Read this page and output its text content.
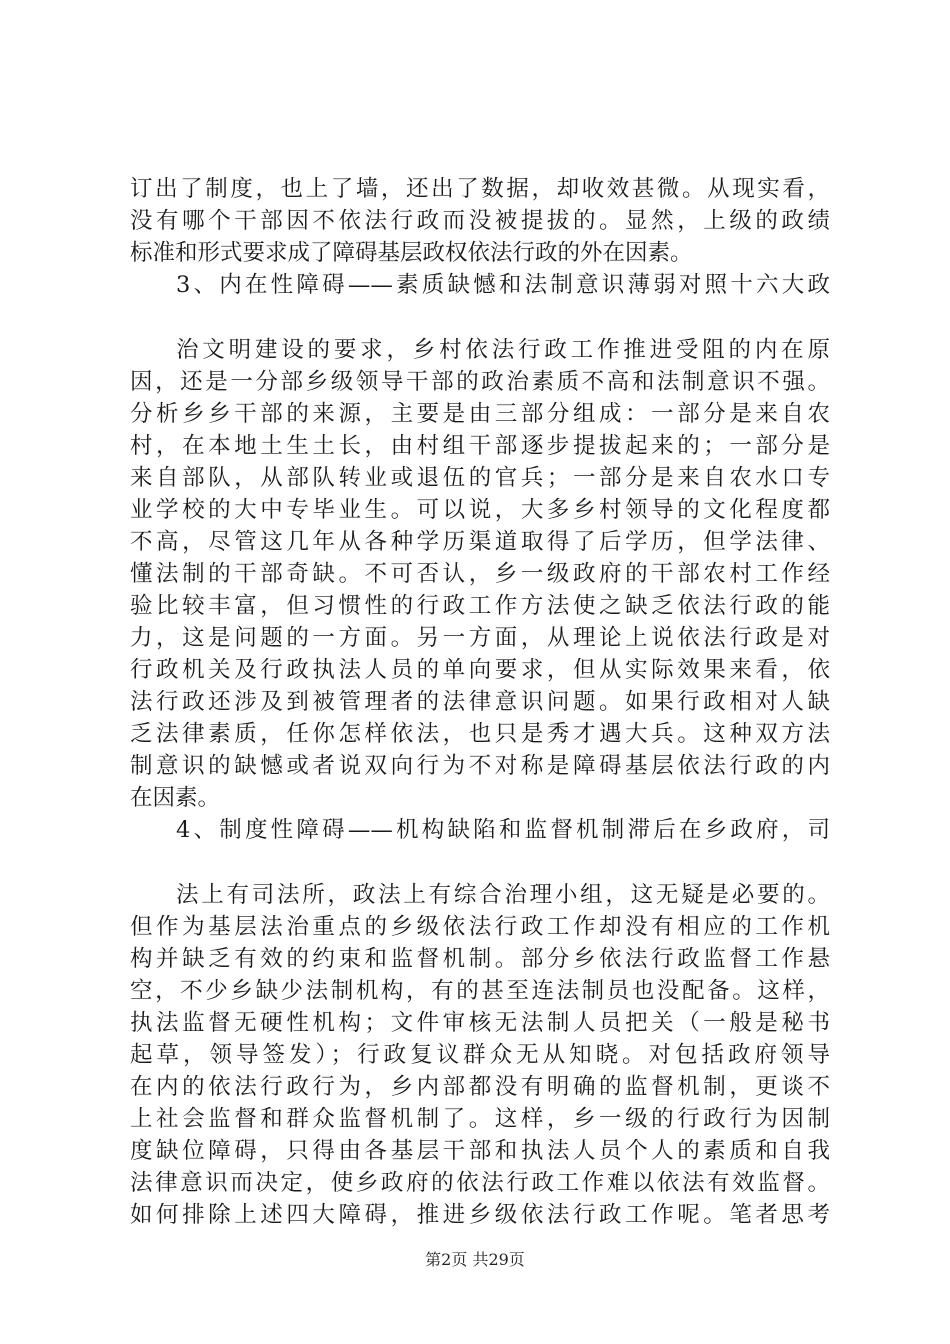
订出了制度，也上了墙，还出了数据，却收效甚微。从现实看，
没有哪个干部因不依法行政而没被提拔的。显然，上级的政绩
标准和形式要求成了障碍基层政权依法行政的外在因素。
3、内在性障碍——素质缺憾和法制意识薄弱对照十六大政
治文明建设的要求，乡村依法行政工作推进受阻的内在原
因，还是一分部乡级领导干部的政治素质不高和法制意识不强。
分析乡乡干部的来源，主要是由三部分组成：一部分是来自农
村，在本地土生土长，由村组干部逐步提拔起来的；一部分是
来自部队，从部队转业或退伍的官兵；一部分是来自农水口专
业学校的大中专毕业生。可以说，大多乡村领导的文化程度都
不高，尽管这几年从各种学历渠道取得了后学历，但学法律、
懂法制的干部奇缺。不可否认，乡一级政府的干部农村工作经
验比较丰富，但习惯性的行政工作方法使之缺乏依法行政的能
力，这是问题的一方面。另一方面，从理论上说依法行政是对
行政机关及行政执法人员的单向要求，但从实际效果来看，依
法行政还涉及到被管理者的法律意识问题。如果行政相对人缺
乏法律素质，任你怎样依法，也只是秀才遇大兵。这种双方法
制意识的缺憾或者说双向行为不对称是障碍基层依法行政的内
在因素。
4、制度性障碍——机构缺陷和监督机制滞后在乡政府，司
法上有司法所，政法上有综合治理小组，这无疑是必要的。
但作为基层法治重点的乡级依法行政工作却没有相应的工作机
构并缺乏有效的约束和监督机制。部分乡依法行政监督工作悬
空，不少乡缺少法制机构，有的甚至连法制员也没配备。这样，
执法监督无硬性机构；文件审核无法制人员把关（一般是秘书
起草，领导签发）；行政复议群众无从知晓。对包括政府领导
在内的依法行政行为，乡内部都没有明确的监督机制，更谈不
上社会监督和群众监督机制了。这样，乡一级的行政行为因制
度缺位障碍，只得由各基层干部和执法人员个人的素质和自我
法律意识而决定，使乡政府的依法行政工作难以依法有效监督。
如何排除上述四大障碍，推进乡级依法行政工作呢。笔者思考
第2页 共29页
